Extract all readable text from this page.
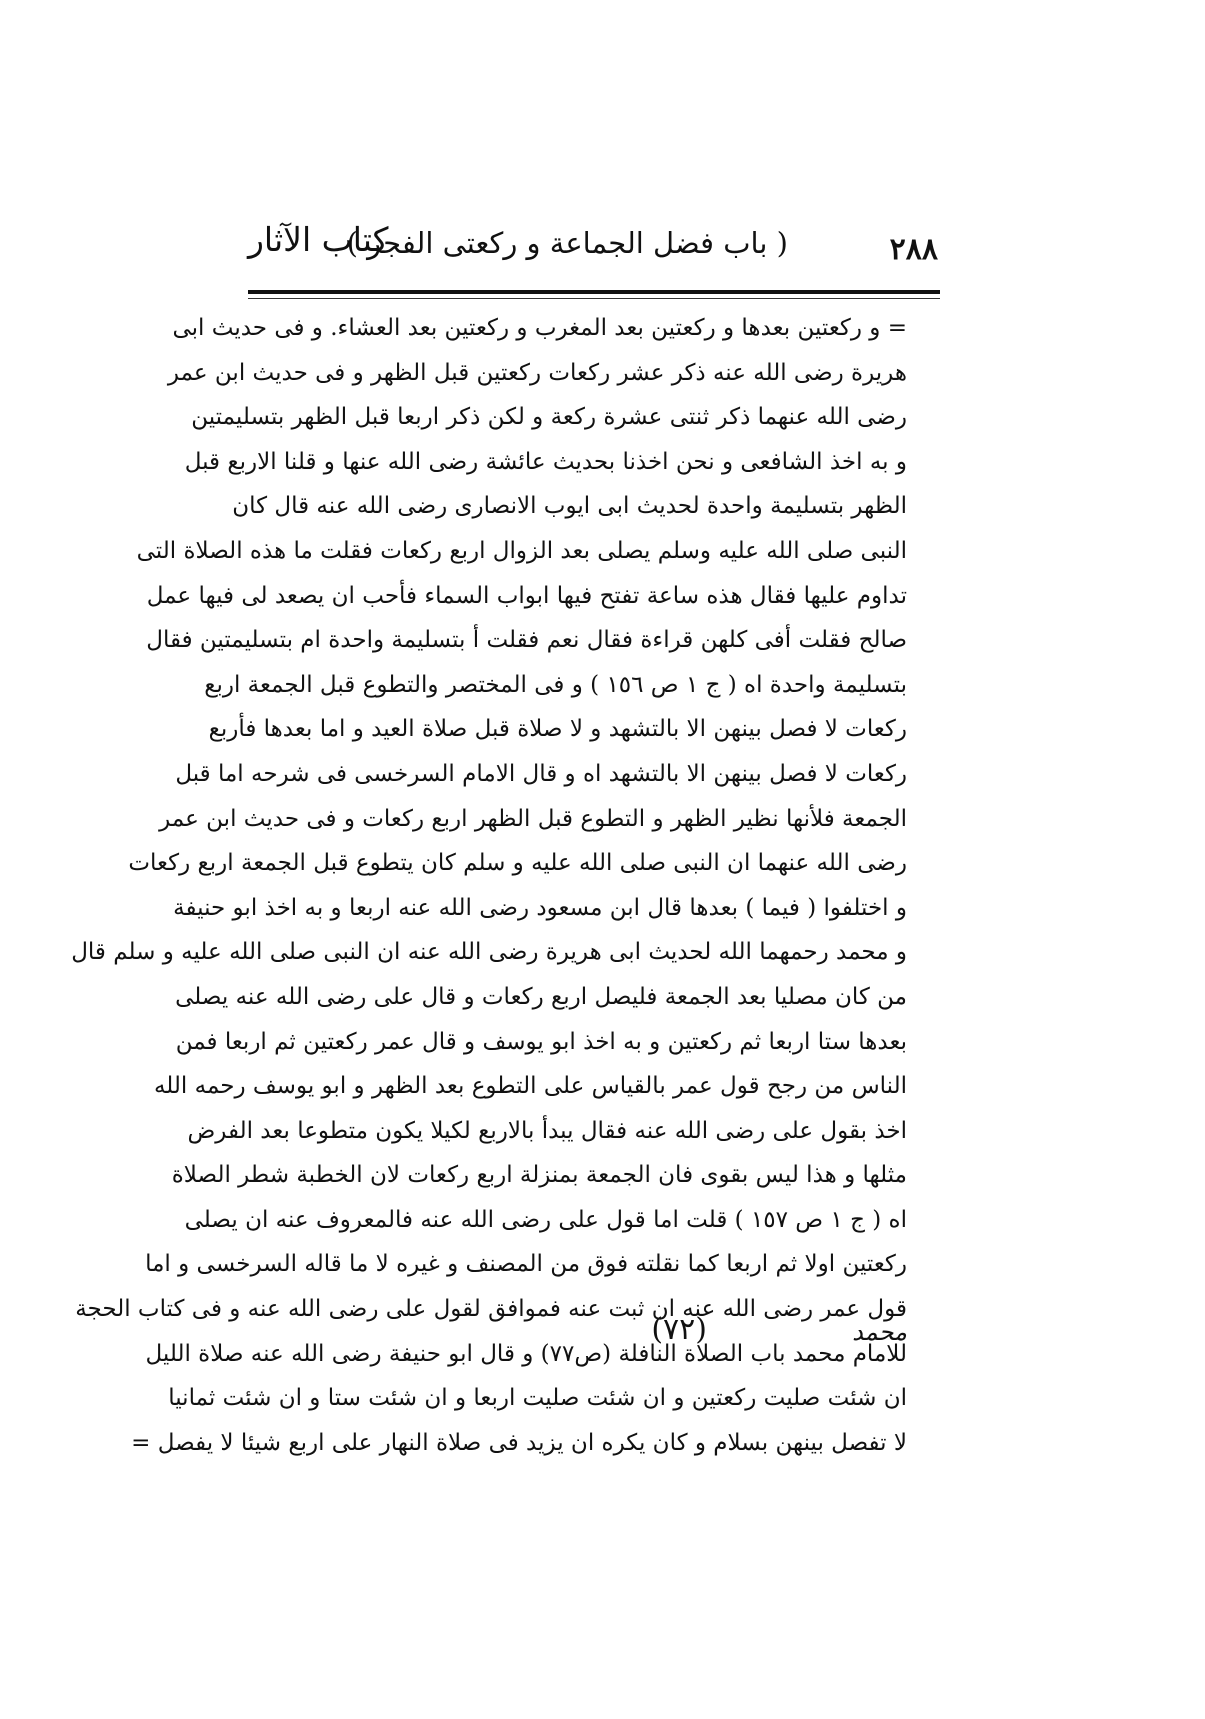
٢٨٨
( باب فضل الجماعة و ركعتى الفجر )
كتاب الآثار
= و ركعتين بعدها و ركعتين بعد المغرب و ركعتين بعد العشاء. و فى حديث ابى
هريرة رضى الله عنه ذكر عشر ركعات ركعتين قبل الظهر و فى حديث ابن عمر
رضى الله عنهما ذكر ثنتى عشرة ركعة و لكن ذكر اربعا قبل الظهر بتسليمتين
و به اخذ الشافعى و نحن اخذنا بحديث عائشة رضى الله عنها و قلنا الاربع قبل
الظهر بتسليمة واحدة لحديث ابى ايوب الانصارى رضى الله عنه قال كان
النبى صلى الله عليه وسلم يصلى بعد الزوال اربع ركعات فقلت ما هذه الصلاة التى
تداوم عليها فقال هذه ساعة تفتح فيها ابواب السماء فأحب ان يصعد لى فيها عمل
صالح فقلت أفى كلهن قراءة فقال نعم فقلت أ بتسليمة واحدة ام بتسليمتين فقال
بتسليمة واحدة اه ( ج ١ ص ١٥٦ ) و فى المختصر والتطوع قبل الجمعة اربع
ركعات لا فصل بينهن الا بالتشهد و لا صلاة قبل صلاة العيد و اما بعدها فأربع
ركعات لا فصل بينهن الا بالتشهد اه و قال الامام السرخسى فى شرحه اما قبل
الجمعة فلأنها نظير الظهر و التطوع قبل الظهر اربع ركعات و فى حديث ابن عمر
رضى الله عنهما ان النبى صلى الله عليه و سلم كان يتطوع قبل الجمعة اربع ركعات
و اختلفوا ( فيما ) بعدها قال ابن مسعود رضى الله عنه اربعا و به اخذ ابو حنيفة
و محمد رحمهما الله لحديث ابى هريرة رضى الله عنه ان النبى صلى الله عليه و سلم قال
من كان مصليا بعد الجمعة فليصل اربع ركعات و قال على رضى الله عنه يصلى
بعدها ستا اربعا ثم ركعتين و به اخذ ابو يوسف و قال عمر ركعتين ثم اربعا فمن
الناس من رجح قول عمر بالقياس على التطوع بعد الظهر و ابو يوسف رحمه الله
اخذ بقول على رضى الله عنه فقال يبدأ بالاربع لكيلا يكون متطوعا بعد الفرض
مثلها و هذا ليس بقوى فان الجمعة بمنزلة اربع ركعات لان الخطبة شطر الصلاة
اه ( ج ١ ص ١٥٧ ) قلت اما قول على رضى الله عنه فالمعروف عنه ان يصلى
ركعتين اولا ثم اربعا كما نقلته فوق من المصنف و غيره لا ما قاله السرخسى و اما
قول عمر رضى الله عنه ان ثبت عنه فموافق لقول على رضى الله عنه و فى كتاب الحجة
للامام محمد باب الصلاة النافلة (ص٧٧) و قال ابو حنيفة رضى الله عنه صلاة الليل
ان شئت صليت ركعتين و ان شئت صليت اربعا و ان شئت ستا و ان شئت ثمانيا
لا تفصل بينهن بسلام و كان يكره ان يزيد فى صلاة النهار على اربع شيئا لا يفصل =
محمد
(٧٢)
